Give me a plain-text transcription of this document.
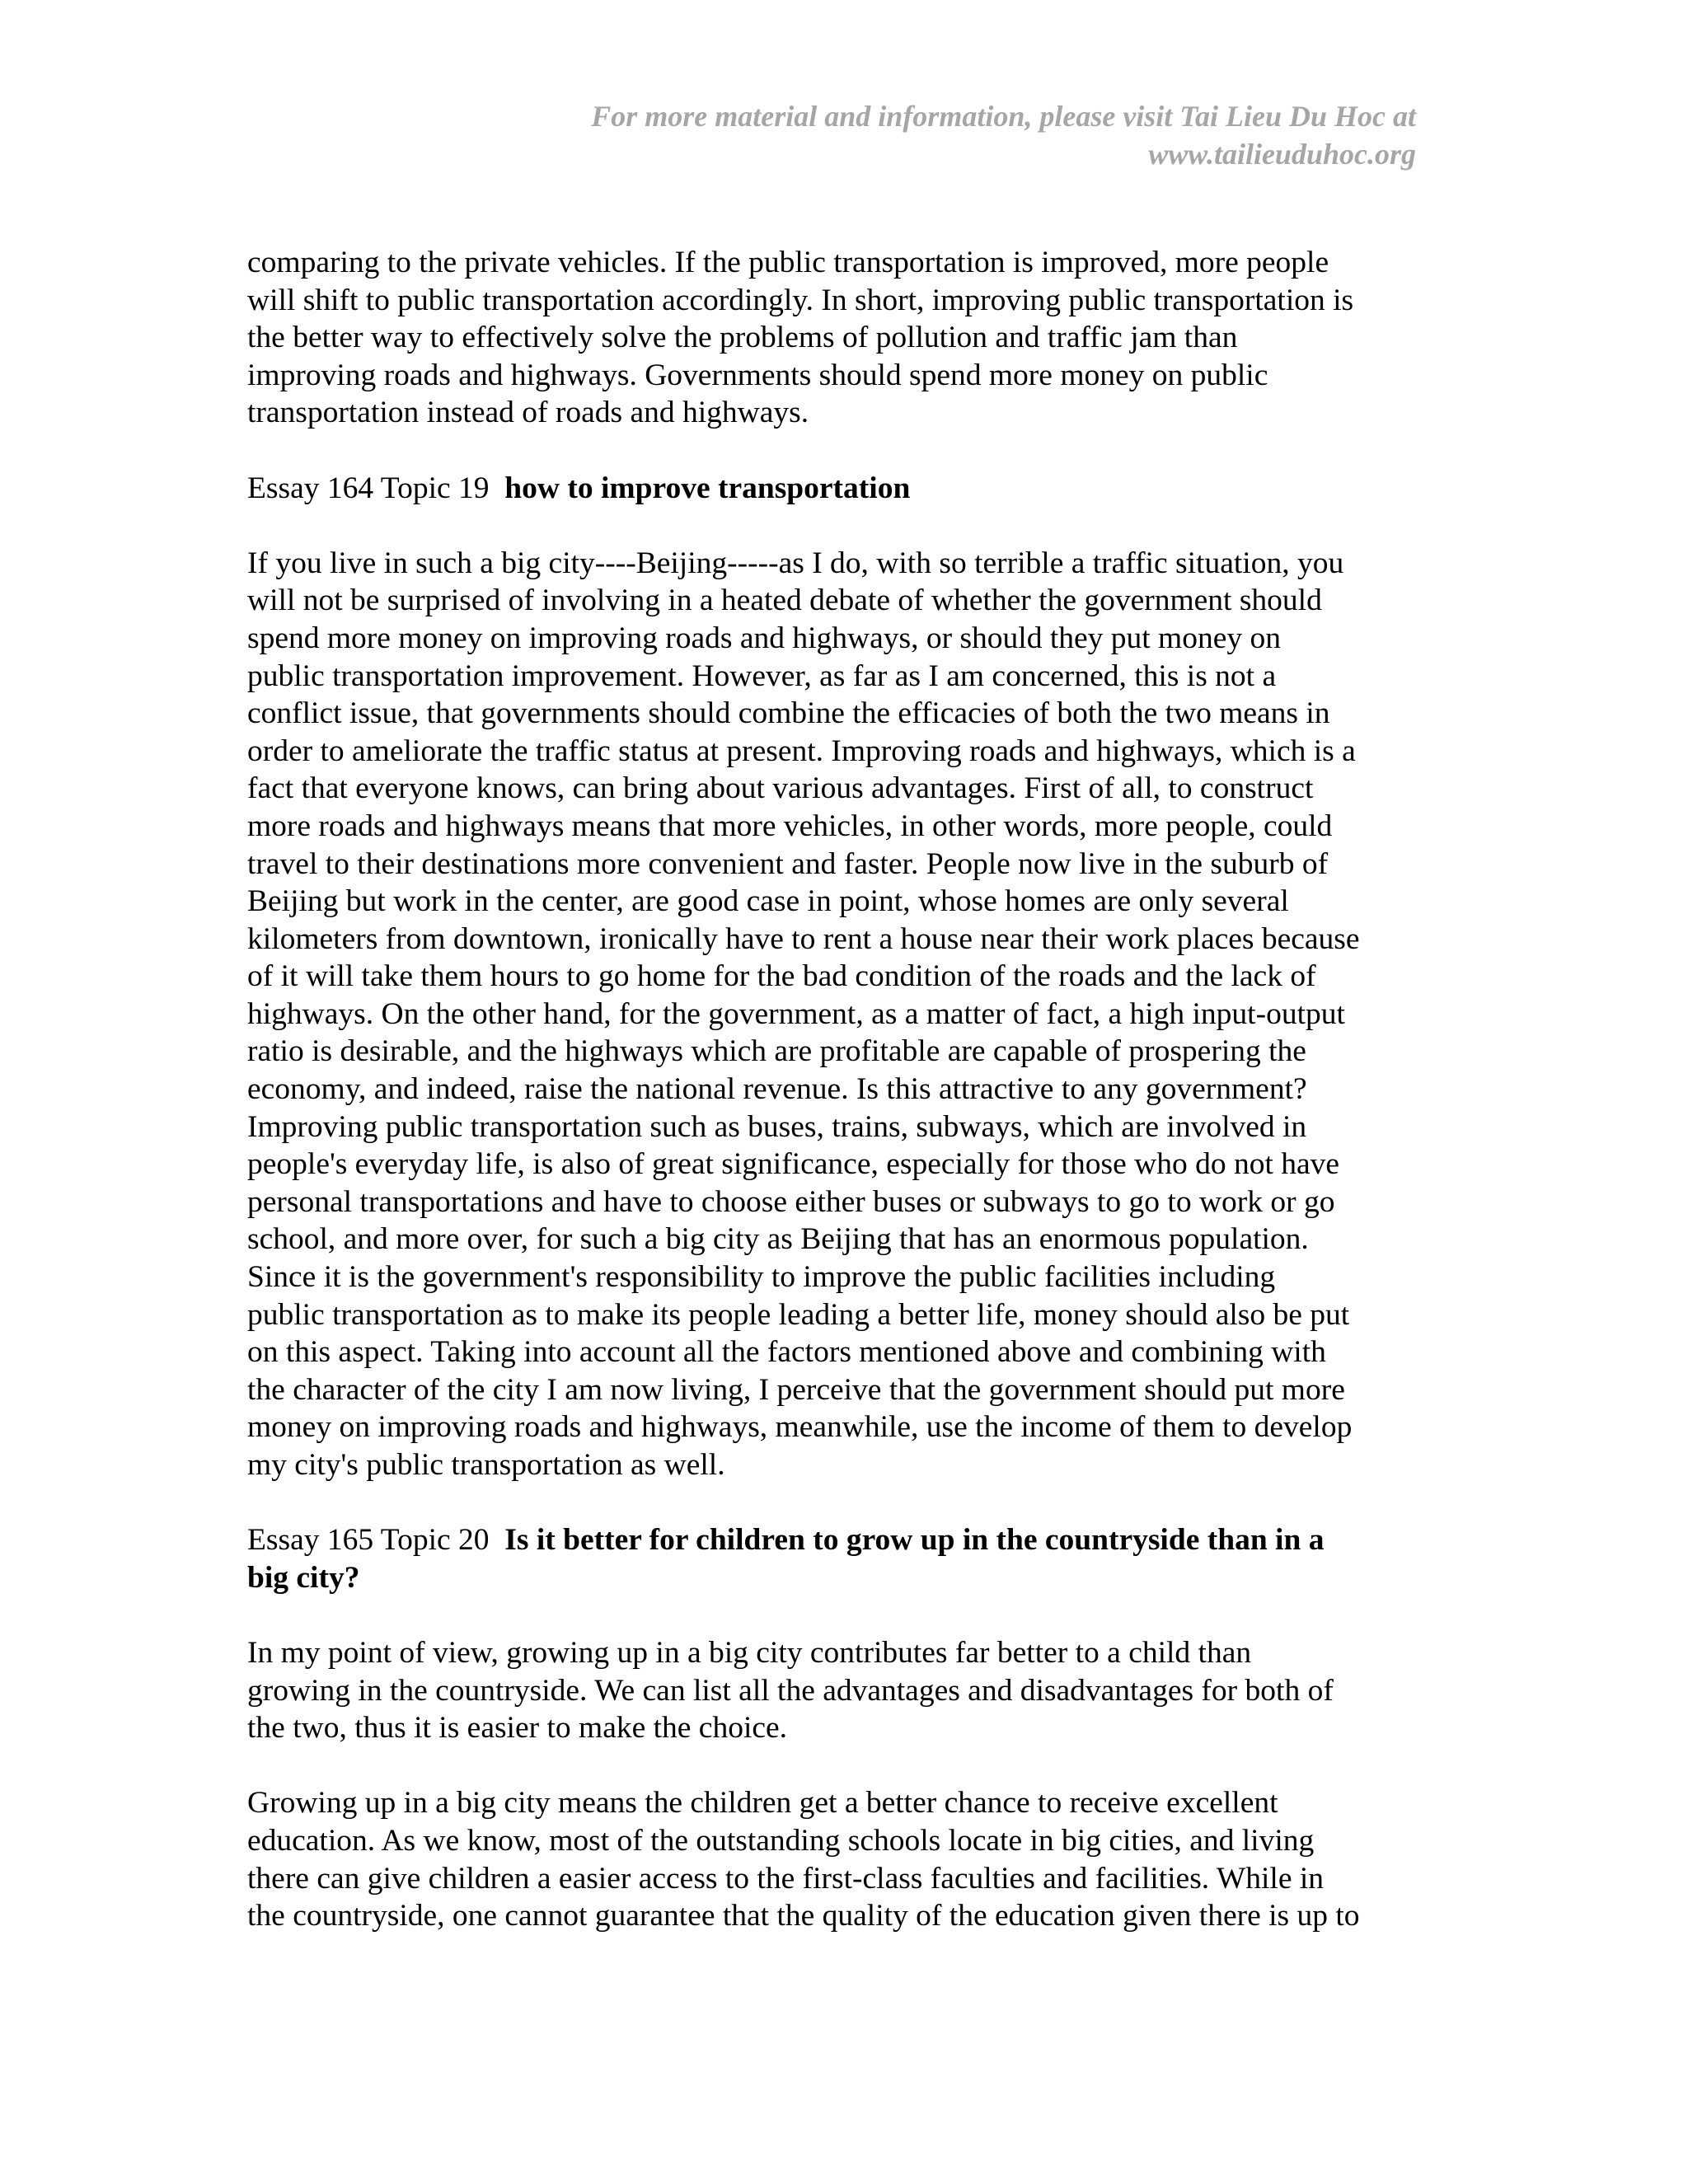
For more material and information, please visit Tai Lieu Du Hoc at
www.tailieuduhoc.org
comparing to the private vehicles. If the public transportation is improved, more people
will shift to public transportation accordingly. In short, improving public transportation is
the better way to effectively solve the problems of pollution and traffic jam than
improving roads and highways. Governments should spend more money on public
transportation instead of roads and highways.
Essay 164 Topic 19 how to improve transportation
If you live in such a big city----Beijing-----as I do, with so terrible a traffic situation, you
will not be surprised of involving in a heated debate of whether the government should
spend more money on improving roads and highways, or should they put money on
public transportation improvement. However, as far as I am concerned, this is not a
conflict issue, that governments should combine the efficacies of both the two means in
order to ameliorate the traffic status at present. Improving roads and highways, which is a
fact that everyone knows, can bring about various advantages. First of all, to construct
more roads and highways means that more vehicles, in other words, more people, could
travel to their destinations more convenient and faster. People now live in the suburb of
Beijing but work in the center, are good case in point, whose homes are only several
kilometers from downtown, ironically have to rent a house near their work places because
of it will take them hours to go home for the bad condition of the roads and the lack of
highways. On the other hand, for the government, as a matter of fact, a high input-output
ratio is desirable, and the highways which are profitable are capable of prospering the
economy, and indeed, raise the national revenue. Is this attractive to any government?
Improving public transportation such as buses, trains, subways, which are involved in
people's everyday life, is also of great significance, especially for those who do not have
personal transportations and have to choose either buses or subways to go to work or go
school, and more over, for such a big city as Beijing that has an enormous population.
Since it is the government's responsibility to improve the public facilities including
public transportation as to make its people leading a better life, money should also be put
on this aspect. Taking into account all the factors mentioned above and combining with
the character of the city I am now living, I perceive that the government should put more
money on improving roads and highways, meanwhile, use the income of them to develop
my city's public transportation as well.
Essay 165 Topic 20 Is it better for children to grow up in the countryside than in a
big city?
In my point of view, growing up in a big city contributes far better to a child than
growing in the countryside. We can list all the advantages and disadvantages for both of
the two, thus it is easier to make the choice.
Growing up in a big city means the children get a better chance to receive excellent
education. As we know, most of the outstanding schools locate in big cities, and living
there can give children a easier access to the first-class faculties and facilities. While in
the countryside, one cannot guarantee that the quality of the education given there is up to
